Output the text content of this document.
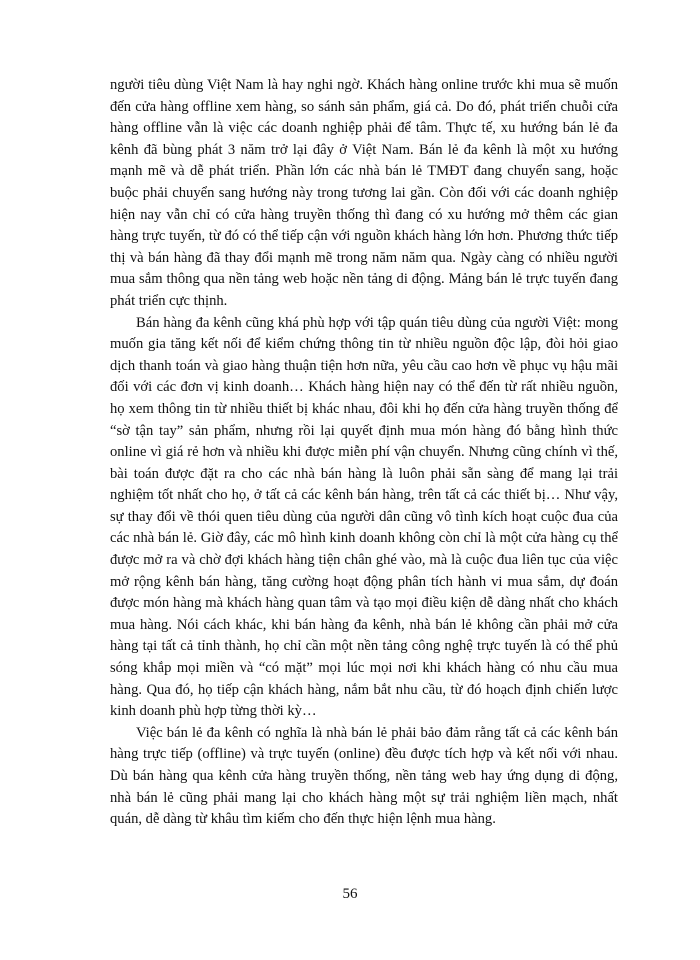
người tiêu dùng Việt Nam là hay nghi ngờ. Khách hàng online trước khi mua sẽ muốn đến cửa hàng offline xem hàng, so sánh sản phẩm, giá cả. Do đó, phát triển chuỗi cửa hàng offline vẫn là việc các doanh nghiệp phải để tâm. Thực tế, xu hướng bán lẻ đa kênh đã bùng phát 3 năm trở lại đây ở Việt Nam. Bán lẻ đa kênh là một xu hướng mạnh mẽ và dễ phát triển. Phần lớn các nhà bán lẻ TMĐT đang chuyển sang, hoặc buộc phải chuyển sang hướng này trong tương lai gần. Còn đối với các doanh nghiệp hiện nay vẫn chỉ có cửa hàng truyền thống thì đang có xu hướng mở thêm các gian hàng trực tuyến, từ đó có thể tiếp cận với nguồn khách hàng lớn hơn. Phương thức tiếp thị và bán hàng đã thay đổi mạnh mẽ trong năm năm qua. Ngày càng có nhiều người mua sắm thông qua nền tảng web hoặc nền tảng di động. Mảng bán lẻ trực tuyến đang phát triển cực thịnh.

Bán hàng đa kênh cũng khá phù hợp với tập quán tiêu dùng của người Việt: mong muốn gia tăng kết nối để kiểm chứng thông tin từ nhiều nguồn độc lập, đòi hỏi giao dịch thanh toán và giao hàng thuận tiện hơn nữa, yêu cầu cao hơn về phục vụ hậu mãi đối với các đơn vị kinh doanh… Khách hàng hiện nay có thể đến từ rất nhiều nguồn, họ xem thông tin từ nhiều thiết bị khác nhau, đôi khi họ đến cửa hàng truyền thống để “sờ tận tay” sản phẩm, nhưng rồi lại quyết định mua món hàng đó bằng hình thức online vì giá rẻ hơn và nhiều khi được miễn phí vận chuyển. Nhưng cũng chính vì thế, bài toán được đặt ra cho các nhà bán hàng là luôn phải sẵn sàng để mang lại trải nghiệm tốt nhất cho họ, ở tất cả các kênh bán hàng, trên tất cả các thiết bị… Như vậy, sự thay đổi về thói quen tiêu dùng của người dân cũng vô tình kích hoạt cuộc đua của các nhà bán lẻ. Giờ đây, các mô hình kinh doanh không còn chỉ là một cửa hàng cụ thể được mở ra và chờ đợi khách hàng tiện chân ghé vào, mà là cuộc đua liên tục của việc mở rộng kênh bán hàng, tăng cường hoạt động phân tích hành vi mua sắm, dự đoán được món hàng mà khách hàng quan tâm và tạo mọi điều kiện dễ dàng nhất cho khách mua hàng. Nói cách khác, khi bán hàng đa kênh, nhà bán lẻ không cần phải mở cửa hàng tại tất cả tỉnh thành, họ chỉ cần một nền tảng công nghệ trực tuyến là có thể phủ sóng khắp mọi miền và “có mặt” mọi lúc mọi nơi khi khách hàng có nhu cầu mua hàng. Qua đó, họ tiếp cận khách hàng, nắm bắt nhu cầu, từ đó hoạch định chiến lược kinh doanh phù hợp từng thời kỳ…

Việc bán lẻ đa kênh có nghĩa là nhà bán lẻ phải bảo đảm rằng tất cả các kênh bán hàng trực tiếp (offline) và trực tuyến (online) đều được tích hợp và kết nối với nhau. Dù bán hàng qua kênh cửa hàng truyền thống, nền tảng web hay ứng dụng di động, nhà bán lẻ cũng phải mang lại cho khách hàng một sự trải nghiệm liền mạch, nhất quán, dễ dàng từ khâu tìm kiếm cho đến thực hiện lệnh mua hàng.

56
